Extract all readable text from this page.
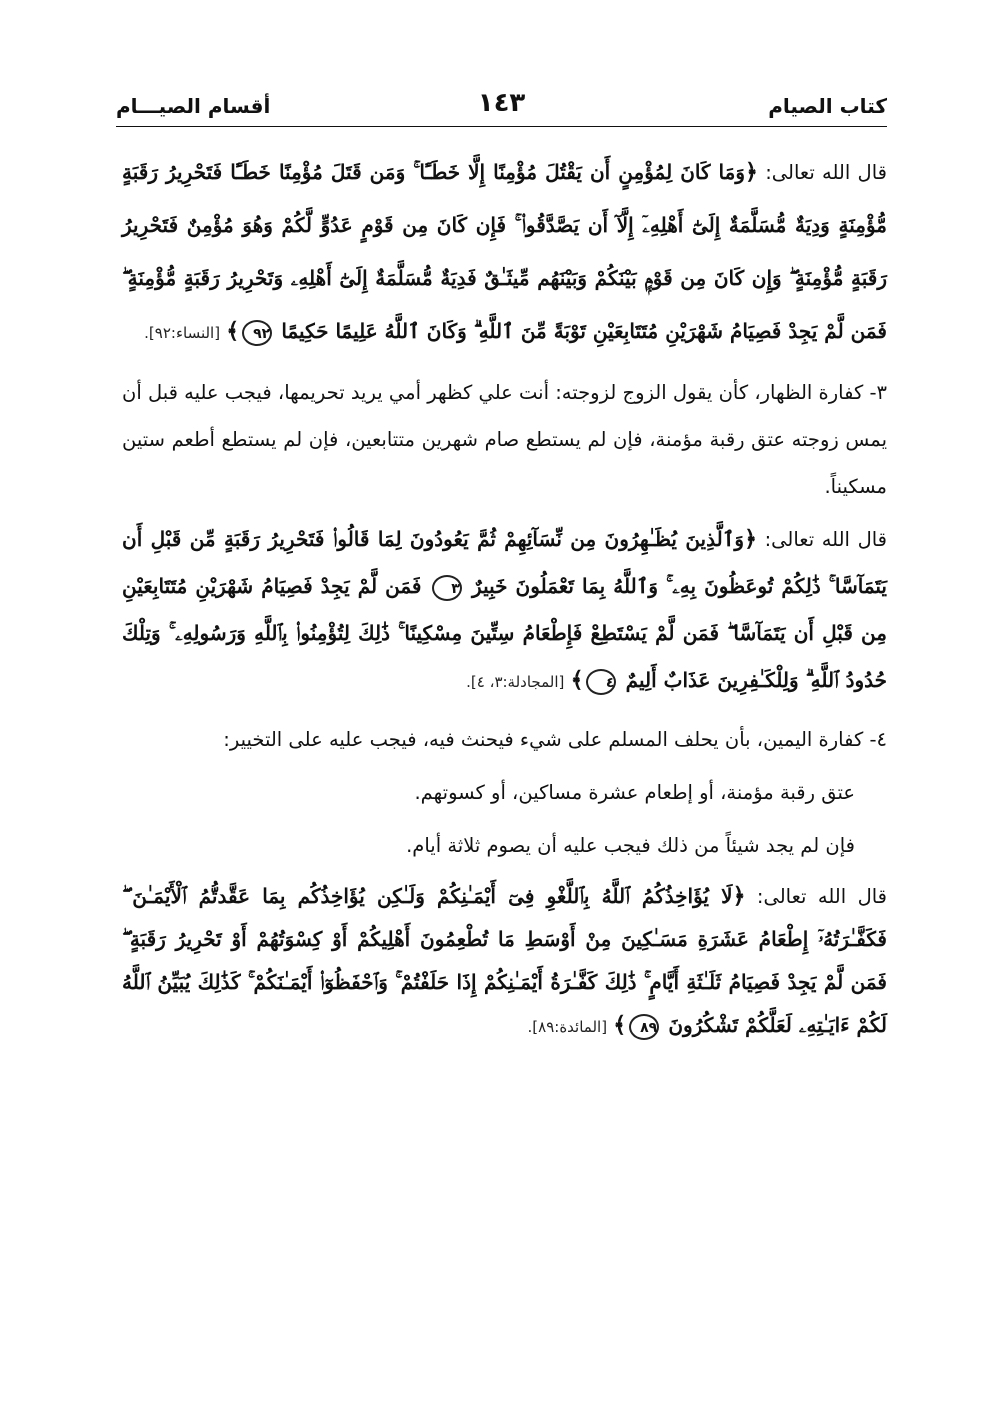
كتاب الصيام
١٤٣
أقسام الصيـــام

قال الله تعالى: ﴿وَمَا كَانَ لِمُؤْمِنٍ أَن يَقْتُلَ مُؤْمِنًا إِلَّا خَطَـًٔا ۚ وَمَن قَتَلَ مُؤْمِنًا خَطَـًٔا فَتَحْرِيرُ رَقَبَةٍ مُّؤْمِنَةٍ وَدِيَةٌ مُّسَلَّمَةٌ إِلَىٰٓ أَهْلِهِۦٓ إِلَّآ أَن يَصَّدَّقُوا۟ ۚ فَإِن كَانَ مِن قَوْمٍ عَدُوٍّ لَّكُمْ وَهُوَ مُؤْمِنٌ فَتَحْرِيرُ رَقَبَةٍ مُّؤْمِنَةٍ ۖ وَإِن كَانَ مِن قَوْمٍۭ بَيْنَكُمْ وَبَيْنَهُم مِّيثَـٰقٌ فَدِيَةٌ مُّسَلَّمَةٌ إِلَىٰٓ أَهْلِهِۦ وَتَحْرِيرُ رَقَبَةٍ مُّؤْمِنَةٍ ۖ فَمَن لَّمْ يَجِدْ فَصِيَامُ شَهْرَيْنِ مُتَتَابِعَيْنِ تَوْبَةً مِّنَ ٱللَّهِ ۗ وَكَانَ ٱللَّهُ عَلِيمًا حَكِيمًا ٩٢﴾ [النساء:٩٢].

٣- كفارة الظهار، كأن يقول الزوج لزوجته: أنت علي كظهر أمي يريد تحريمها، فيجب عليه قبل أن يمس زوجته عتق رقبة مؤمنة، فإن لم يستطع صام شهرين متتابعين، فإن لم يستطع أطعم ستين مسكيناً.

قال الله تعالى: ﴿وَٱلَّذِينَ يُظَـٰهِرُونَ مِن نِّسَآئِهِمْ ثُمَّ يَعُودُونَ لِمَا قَالُوا۟ فَتَحْرِيرُ رَقَبَةٍ مِّن قَبْلِ أَن يَتَمَآسَّا ۚ ذَٰلِكُمْ تُوعَظُونَ بِهِۦ ۚ وَٱللَّهُ بِمَا تَعْمَلُونَ خَبِيرٌ ٣ فَمَن لَّمْ يَجِدْ فَصِيَامُ شَهْرَيْنِ مُتَتَابِعَيْنِ مِن قَبْلِ أَن يَتَمَآسَّا ۖ فَمَن لَّمْ يَسْتَطِعْ فَإِطْعَامُ سِتِّينَ مِسْكِينًا ۚ ذَٰلِكَ لِتُؤْمِنُوا۟ بِٱللَّهِ وَرَسُولِهِۦ ۚ وَتِلْكَ حُدُودُ ٱللَّهِ ۗ وَلِلْكَـٰفِرِينَ عَذَابٌ أَلِيمٌ ٤﴾ [المجادلة:٣، ٤].

٤- كفارة اليمين، بأن يحلف المسلم على شيء فيحنث فيه، فيجب عليه على التخيير:

عتق رقبة مؤمنة، أو إطعام عشرة مساكين، أو كسوتهم.

فإن لم يجد شيئاً من ذلك فيجب عليه أن يصوم ثلاثة أيام.

قال الله تعالى: ﴿لَا يُؤَاخِذُكُمُ ٱللَّهُ بِٱللَّغْوِ فِىٓ أَيْمَـٰنِكُمْ وَلَـٰكِن يُؤَاخِذُكُم بِمَا عَقَّدتُّمُ ٱلْأَيْمَـٰنَ ۖ فَكَفَّـٰرَتُهُۥٓ إِطْعَامُ عَشَرَةِ مَسَـٰكِينَ مِنْ أَوْسَطِ مَا تُطْعِمُونَ أَهْلِيكُمْ أَوْ كِسْوَتُهُمْ أَوْ تَحْرِيرُ رَقَبَةٍ ۖ فَمَن لَّمْ يَجِدْ فَصِيَامُ ثَلَـٰثَةِ أَيَّامٍ ۚ ذَٰلِكَ كَفَّـٰرَةُ أَيْمَـٰنِكُمْ إِذَا حَلَفْتُمْ ۚ وَٱحْفَظُوٓا۟ أَيْمَـٰنَكُمْ ۚ كَذَٰلِكَ يُبَيِّنُ ٱللَّهُ لَكُمْ ءَايَـٰتِهِۦ لَعَلَّكُمْ تَشْكُرُونَ ٨٩﴾ [المائدة:٨٩].
